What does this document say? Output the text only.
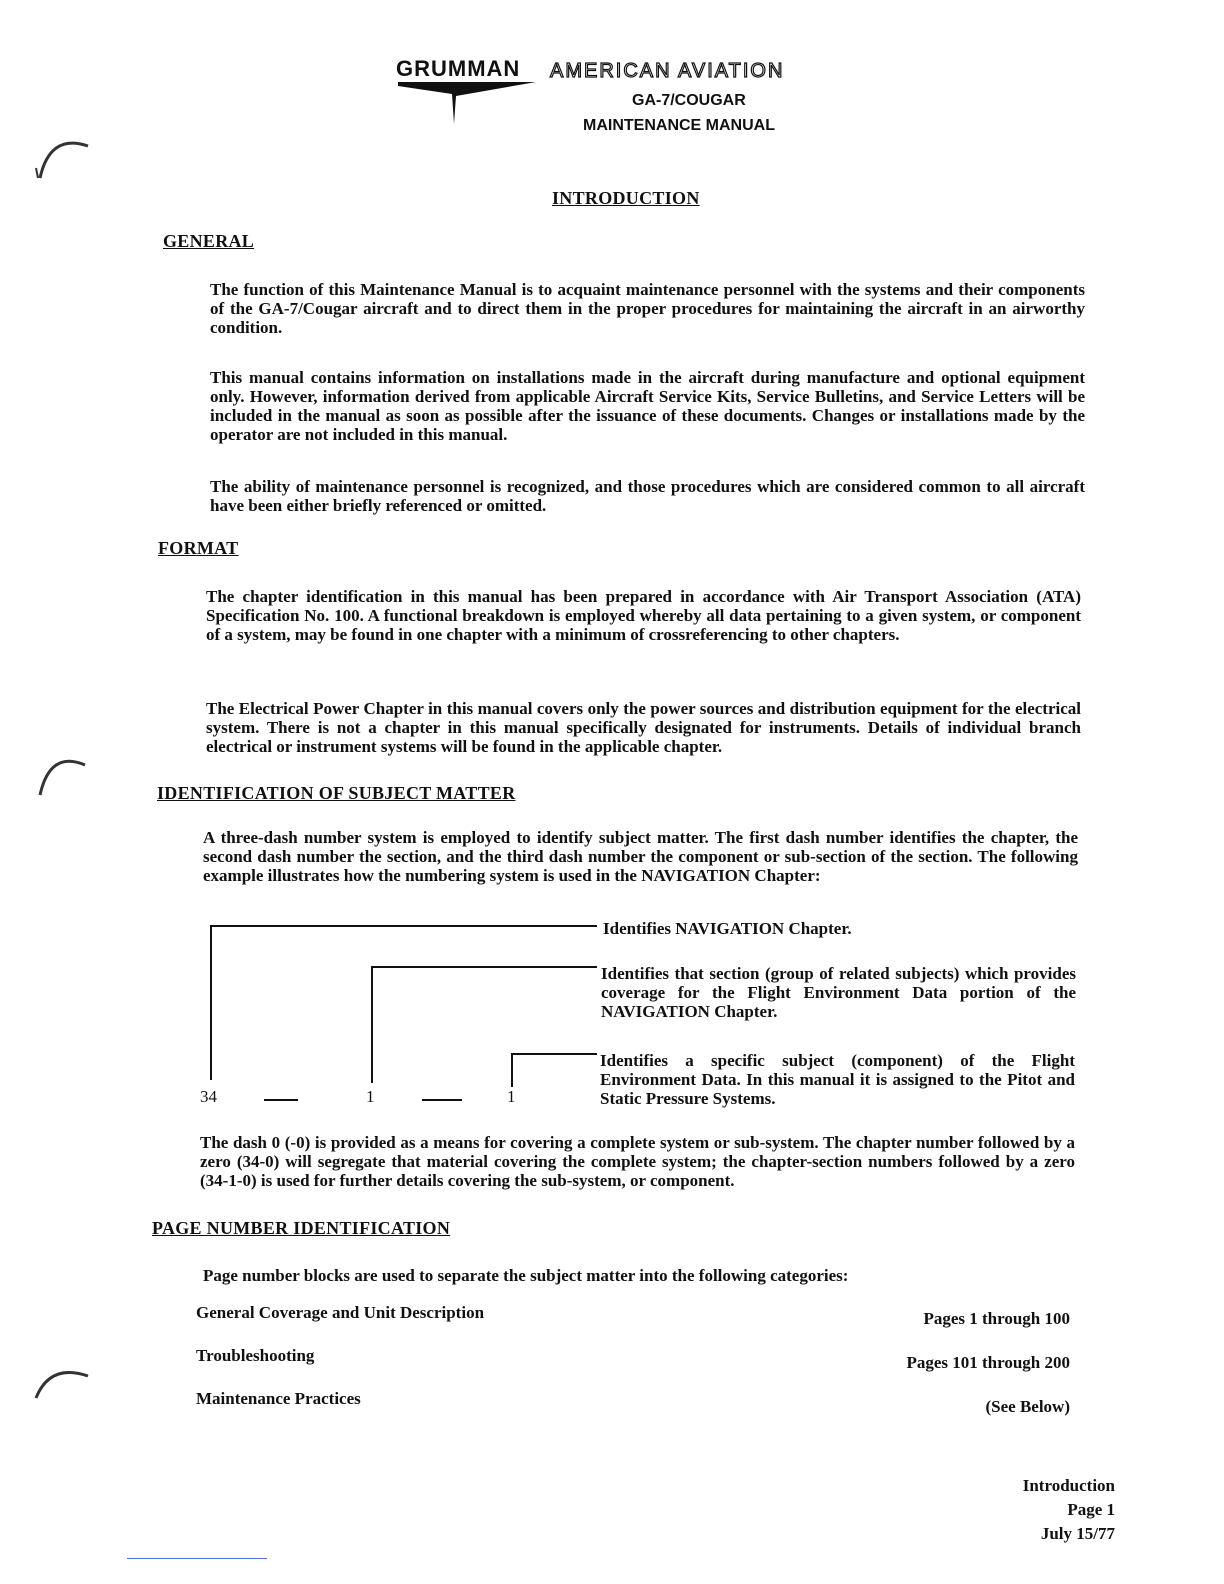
GRUMMAN AMERICAN AVIATION
GA-7/COUGAR
MAINTENANCE MANUAL
INTRODUCTION
GENERAL
The function of this Maintenance Manual is to acquaint maintenance personnel with the systems and their components of the GA-7/Cougar aircraft and to direct them in the proper procedures for maintaining the aircraft in an airworthy condition.
This manual contains information on installations made in the aircraft during manufacture and optional equipment only. However, information derived from applicable Aircraft Service Kits, Service Bulletins, and Service Letters will be included in the manual as soon as possible after the issuance of these documents. Changes or installations made by the operator are not included in this manual.
The ability of maintenance personnel is recognized, and those procedures which are considered common to all aircraft have been either briefly referenced or omitted.
FORMAT
The chapter identification in this manual has been prepared in accordance with Air Transport Association (ATA) Specification No. 100. A functional breakdown is employed whereby all data pertaining to a given system, or component of a system, may be found in one chapter with a minimum of crossreferencing to other chapters.
The Electrical Power Chapter in this manual covers only the power sources and distribution equipment for the electrical system. There is not a chapter in this manual specifically designated for instruments. Details of individual branch electrical or instrument systems will be found in the applicable chapter.
IDENTIFICATION OF SUBJECT MATTER
A three-dash number system is employed to identify subject matter. The first dash number identifies the chapter, the second dash number the section, and the third dash number the component or sub-section of the section. The following example illustrates how the numbering system is used in the NAVIGATION Chapter:
34	1	1
Identifies NAVIGATION Chapter.
Identifies that section (group of related subjects) which provides coverage for the Flight Environment Data portion of the NAVIGATION Chapter.
Identifies a specific subject (component) of the Flight Environment Data. In this manual it is assigned to the Pitot and Static Pressure Systems.
The dash 0 (-0) is provided as a means for covering a complete system or sub-system. The chapter number followed by a zero (34-0) will segregate that material covering the complete system; the chapter-section numbers followed by a zero (34-1-0) is used for further details covering the sub-system, or component.
PAGE NUMBER IDENTIFICATION
Page number blocks are used to separate the subject matter into the following categories:
General Coverage and Unit Description	Pages 1 through 100
Troubleshooting	Pages 101 through 200
Maintenance Practices	(See Below)
Introduction
Page 1
July 15/77
